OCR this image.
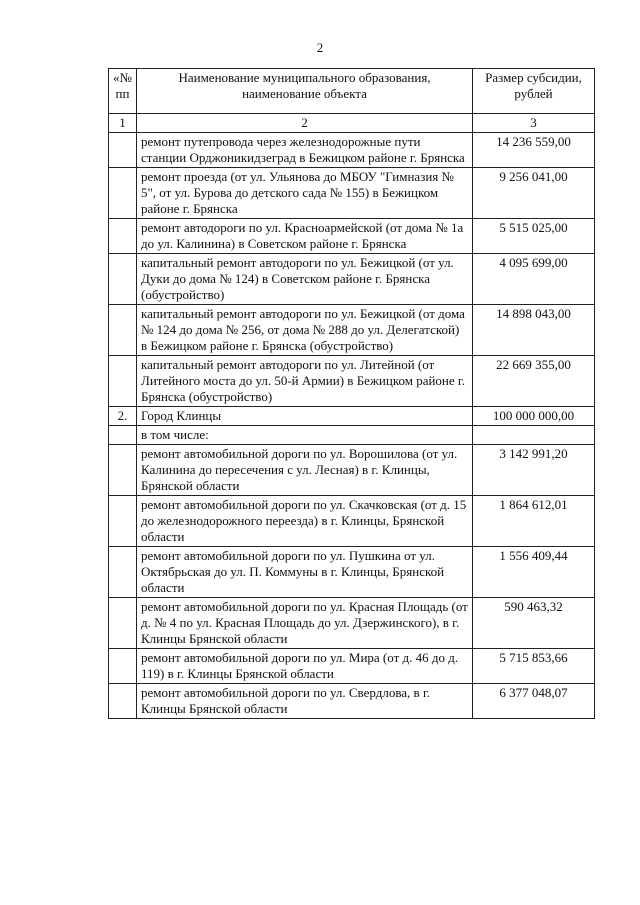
2
«№ пп	Наименование муниципального образования, наименование объекта	Размер субсидии, рублей
1	2	3
	ремонт путепровода через железнодорожные пути станции Орджоникидзеград в Бежицком районе г. Брянска	14 236 559,00
	ремонт проезда (от ул. Ульянова до МБОУ "Гимназия № 5", от ул. Бурова до детского сада № 155) в Бежицком районе г. Брянска	9 256 041,00
	ремонт автодороги по ул. Красноармейской (от дома № 1а до ул. Калинина) в Советском районе г. Брянска	5 515 025,00
	капитальный ремонт автодороги по ул. Бежицкой (от ул. Дуки до дома № 124) в Советском районе г. Брянска (обустройство)	4 095 699,00
	капитальный ремонт автодороги по ул. Бежицкой (от дома № 124 до дома № 256, от дома № 288 до ул. Делегатской) в Бежицком районе г. Брянска (обустройство)	14 898 043,00
	капитальный ремонт автодороги по ул. Литейной (от Литейного моста до ул. 50-й Армии) в Бежицком районе г. Брянска (обустройство)	22 669 355,00
2.	Город Клинцы	100 000 000,00
	в том числе:	
	ремонт автомобильной дороги по ул. Ворошилова (от ул. Калинина до пересечения с ул. Лесная) в г. Клинцы, Брянской области	3 142 991,20
	ремонт автомобильной дороги по ул. Скачковская (от д. 15 до железнодорожного переезда) в г. Клинцы, Брянской области	1 864 612,01
	ремонт автомобильной дороги по ул. Пушкина от ул. Октябрьская до ул. П. Коммуны в г. Клинцы, Брянской области	1 556 409,44
	ремонт автомобильной дороги по ул. Красная Площадь (от д. № 4 по ул. Красная Площадь до ул. Дзержинского), в г. Клинцы Брянской области	590 463,32
	ремонт автомобильной дороги по ул. Мира (от д. 46 до д. 119) в г. Клинцы Брянской области	5 715 853,66
	ремонт автомобильной дороги по ул. Свердлова, в г. Клинцы Брянской области	6 377 048,07
